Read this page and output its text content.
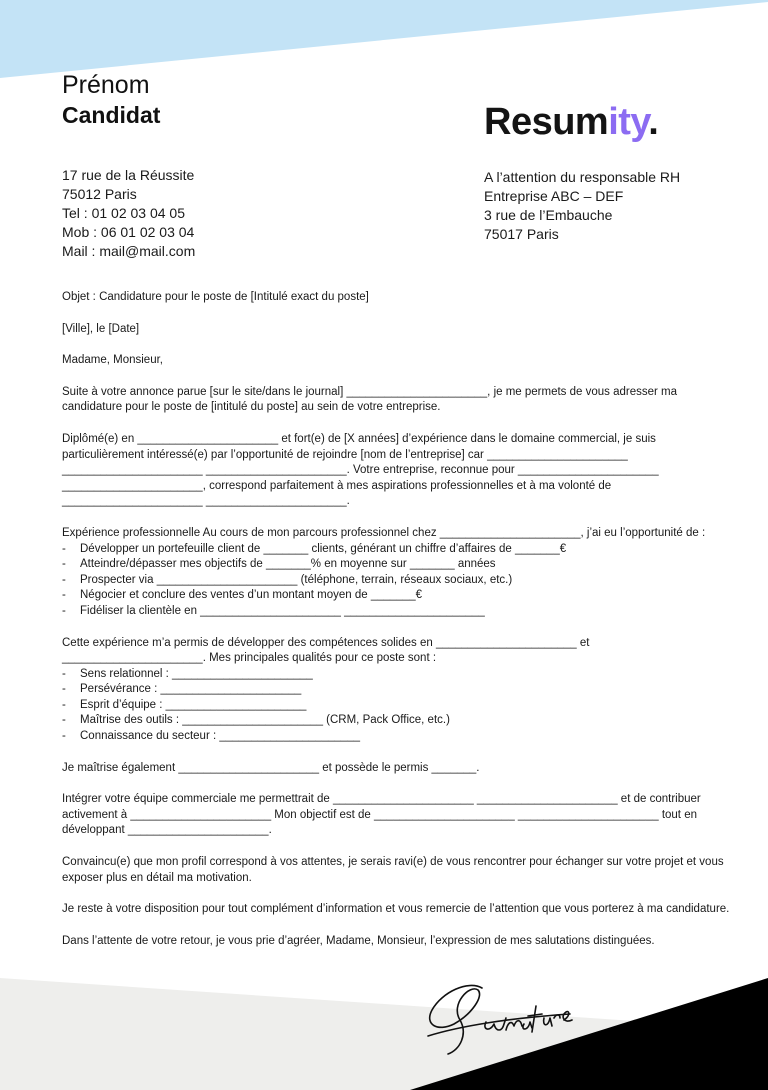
Prénom
Candidat	Resumity.
17 rue de la Réussite
75012 Paris
Tel : 01 02 03 04 05
Mob : 06 01 02 03 04
Mail : mail@mail.com
A l’attention du responsable RH
Entreprise ABC – DEF
3 rue de l’Embauche
75017 Paris

Objet : Candidature pour le poste de [Intitulé exact du poste]

[Ville], le [Date]

Madame, Monsieur,

Suite à votre annonce parue [sur le site/dans le journal] ______________________, je me permets de vous adresser ma candidature pour le poste de [intitulé du poste] au sein de votre entreprise.

Diplômé(e) en ______________________ et fort(e) de [X années] d’expérience dans le domaine commercial, je suis particulièrement intéressé(e) par l’opportunité de rejoindre [nom de l’entreprise] car ______________________
______________________ ______________________. Votre entreprise, reconnue pour ______________________
______________________, correspond parfaitement à mes aspirations professionnelles et à ma volonté de ______________________ ______________________.

Expérience professionnelle Au cours de mon parcours professionnel chez ______________________, j’ai eu l’opportunité de :

- Développer un portefeuille client de _______ clients, générant un chiffre d’affaires de _______€
- Atteindre/dépasser mes objectifs de _______% en moyenne sur _______ années
- Prospecter via ______________________ (téléphone, terrain, réseaux sociaux, etc.)
- Négocier et conclure des ventes d’un montant moyen de _______€
- Fidéliser la clientèle en ______________________ ______________________

Cette expérience m’a permis de développer des compétences solides en ______________________ et ______________________. Mes principales qualités pour ce poste sont :

- Sens relationnel : ______________________
- Persévérance : ______________________
- Esprit d’équipe : ______________________
- Maîtrise des outils : ______________________ (CRM, Pack Office, etc.)
- Connaissance du secteur : ______________________

Je maîtrise également ______________________ et possède le permis _______.

Intégrer votre équipe commerciale me permettrait de ______________________ ______________________ et de contribuer activement à ______________________ Mon objectif est de ______________________ ______________________ tout en développant ______________________.

Convaincu(e) que mon profil correspond à vos attentes, je serais ravi(e) de vous rencontrer pour échanger sur votre projet et vous exposer plus en détail ma motivation.

Je reste à votre disposition pour tout complément d’information et vous remercie de l’attention que vous porterez à ma candidature.

Dans l’attente de votre retour, je vous prie d’agréer, Madame, Monsieur, l’expression de mes salutations distinguées.
